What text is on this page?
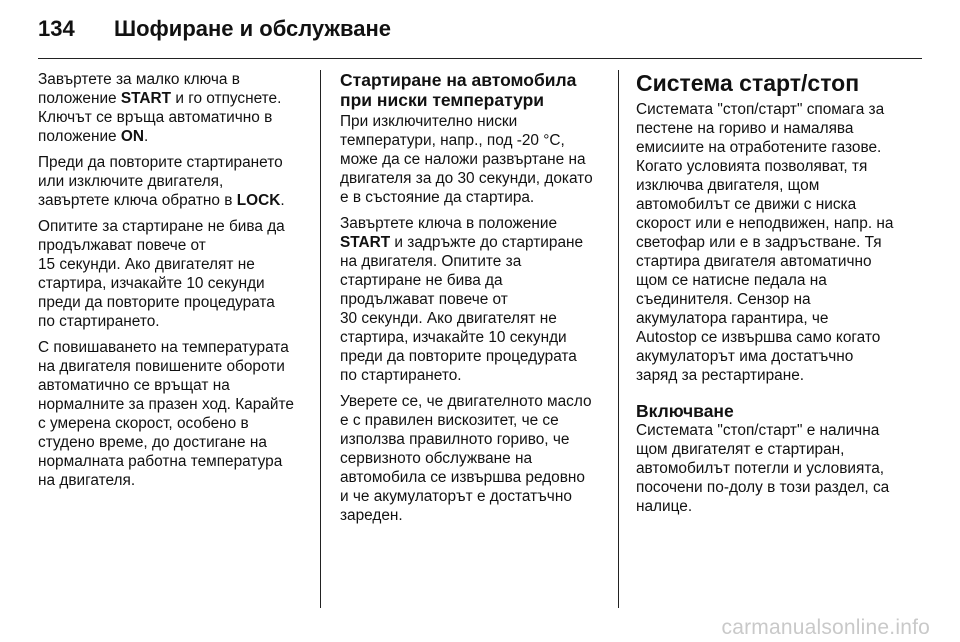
134	Шофиране и обслужване

Завъртете за малко ключа в
положение START и го отпуснете.
Ключът се връща автоматично в
положение ON.

Преди да повторите стартирането
или изключите двигателя,
завъртете ключа обратно в LOCK.

Опитите за стартиране не бива да
продължават повече от
15 секунди. Ако двигателят не
стартира, изчакайте 10 секунди
преди да повторите процедурата
по стартирането.

С повишаването на температурата
на двигателя повишените обороти
автоматично се връщат на
нормалните за празен ход. Карайте
с умерена скорост, особено в
студено време, до достигане на
нормалната работна температура
на двигателя.

Стартиране на автомобила
при ниски температури

При изключително ниски
температури, напр., под -20 °C,
може да се наложи развъртане на
двигателя за до 30 секунди, докато
е в състояние да стартира.

Завъртете ключа в положение
START и задръжте до стартиране
на двигателя. Опитите за
стартиране не бива да
продължават повече от
30 секунди. Ако двигателят не
стартира, изчакайте 10 секунди
преди да повторите процедурата
по стартирането.

Уверете се, че двигателното масло
е с правилен вискозитет, че се
използва правилното гориво, че
сервизното обслужване на
автомобила се извършва редовно
и че акумулаторът е достатъчно
зареден.

Система старт/стоп

Системата "стоп/старт" спомага за
пестене на гориво и намалява
емисиите на отработените газове.
Когато условията позволяват, тя
изключва двигателя, щом
автомобилът се движи с ниска
скорост или е неподвижен, напр. на
светофар или е в задръстване. Тя
стартира двигателя автоматично
щом се натисне педала на
съединителя. Сензор на
акумулатора гарантира, че
Autostop се извършва само когато
акумулаторът има достатъчно
заряд за рестартиране.

Включване

Системата "стоп/старт" е налична
щом двигателят е стартиран,
автомобилът потегли и условията,
посочени по-долу в този раздел, са
налице.

carmanualsonline.info
